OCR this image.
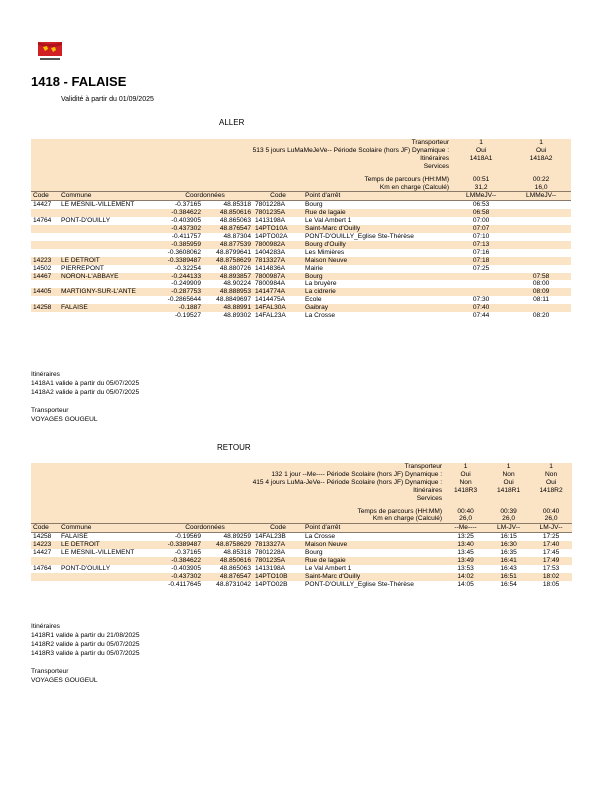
1418 - FALAISE
Validité à partir du 01/09/2025
ALLER
Transporteur						1	1
513 5 jours LuMaMeJeVe-- Période Scolaire (hors JF) Dynamique :						Oui	Oui
Itinéraires						1418A1	1418A2
Services							

Temps de parcours (HH:MM)						00:51	00:22
Km en charge (Calculé)						31,2	16,0
Code	Commune	Coordonnées		Code	Point d'arrêt	LMMeJV--	LMMeJV--
14427	LE MESNIL-VILLEMENT	-0.37165	48.85318	7801228A	Bourg	06:53	
		-0.384622	48.850616	7801235A	Rue de lagaie	06:58	
14764	PONT-D'OUILLY	-0.403905	48.865063	1413198A	Le Val Ambert 1	07:00	
		-0.437302	48.876547	14PTO10A	Saint-Marc d'Ouilly	07:07	
		-0.411757	48.87304	14PTO02A	PONT-D'OUILLY_Eglise Ste-Thérèse	07:10	
		-0.385959	48.877539	7800982A	Bourg d'Ouilly	07:13	
		-0.3608062	48.8799641	1404283A	Les Mimières	07:16	
14223	LE DETROIT	-0.3389487	48.8758629	7813327A	Maison Neuve	07:18	
14502	PIERREPONT	-0.32254	48.880726	1414836A	Mairie	07:25	
14467	NORON-L'ABBAYE	-0.244133	48.893857	7800987A	Bourg		07:58
		-0.249909	48.90224	7800984A	La bruyère		08:00
14405	MARTIGNY-SUR-L'ANTE	-0.287753	48.888953	1414774A	La cidrerie		08:09
		-0.2865644	48.8849697	1414475A	Ecole	07:30	08:11
14258	FALAISE	-0.1887	48.88991	14FAL30A	Gaibray	07:40	
		-0.19527	48.89302	14FAL23A	La Crosse	07:44	08:20
Itinéraires
1418A1 valide à partir du 05/07/2025
1418A2 valide à partir du 05/07/2025
Transporteur
VOYAGES GOUGEUL
RETOUR
Transporteur						1	1	1
132 1 jour --Me---- Période Scolaire (hors JF) Dynamique :						Oui	Non	Non
415 4 jours LuMa-JeVe-- Période Scolaire (hors JF) Dynamique :						Non	Oui	Oui
Itinéraires						1418R3	1418R1	1418R2
Services								

Temps de parcours (HH:MM)						00:40	00:39	00:40
Km en charge (Calculé)						26,0	26,0	26,0
Code	Commune	Coordonnées		Code	Point d'arrêt	--Me----	LM-JV--	LM-JV--
14258	FALAISE	-0.19569	48.89259	14FAL23B	La Crosse	13:25	16:15	17:25
14223	LE DETROIT	-0.3389487	48.8758629	7813327A	Maison Neuve	13:40	16:30	17:40
14427	LE MESNIL-VILLEMENT	-0.37165	48.85318	7801228A	Bourg	13:45	16:35	17:45
		-0.384622	48.850616	7801235A	Rue de lagaie	13:49	16:41	17:49
14764	PONT-D'OUILLY	-0.403905	48.865063	1413198A	Le Val Ambert 1	13:53	16:43	17:53
		-0.437302	48.876547	14PTO10B	Saint-Marc d'Ouilly	14:02	16:51	18:02
		-0.4117645	48.8731042	14PTO02B	PONT-D'OUILLY_Eglise Ste-Thérèse	14:05	16:54	18:05
Itinéraires
1418R1 valide à partir du 21/08/2025
1418R2 valide à partir du 05/07/2025
1418R3 valide à partir du 05/07/2025
Transporteur
VOYAGES GOUGEUL
